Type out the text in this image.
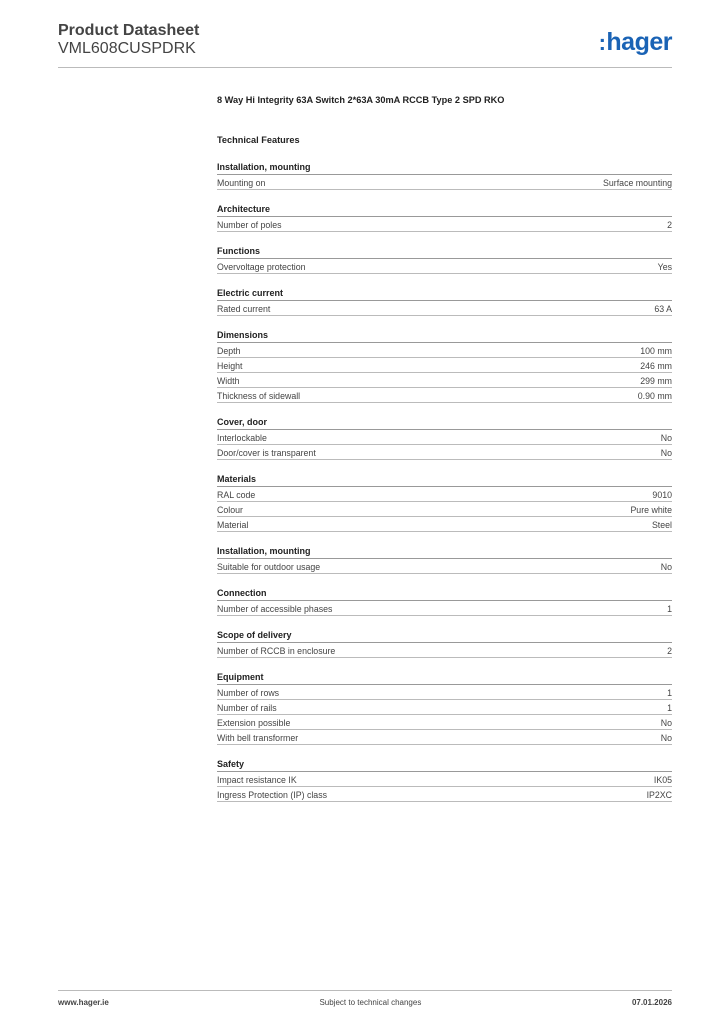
Product Datasheet
VML608CUSPDRK	:hager
8 Way Hi Integrity 63A Switch 2*63A 30mA RCCB Type 2 SPD RKO
Technical Features
Installation, mounting
Mounting on	Surface mounting
Architecture
Number of poles	2
Functions
Overvoltage protection	Yes
Electric current
Rated current	63 A
Dimensions
Depth	100 mm
Height	246 mm
Width	299 mm
Thickness of sidewall	0.90 mm
Cover, door
Interlockable	No
Door/cover is transparent	No
Materials
RAL code	9010
Colour	Pure white
Material	Steel
Installation, mounting
Suitable for outdoor usage	No
Connection
Number of accessible phases	1
Scope of delivery
Number of RCCB in enclosure	2
Equipment
Number of rows	1
Number of rails	1
Extension possible	No
With bell transformer	No
Safety
Impact resistance IK	IK05
Ingress Protection (IP) class	IP2XC
www.hager.ie	Subject to technical changes	07.01.2026
